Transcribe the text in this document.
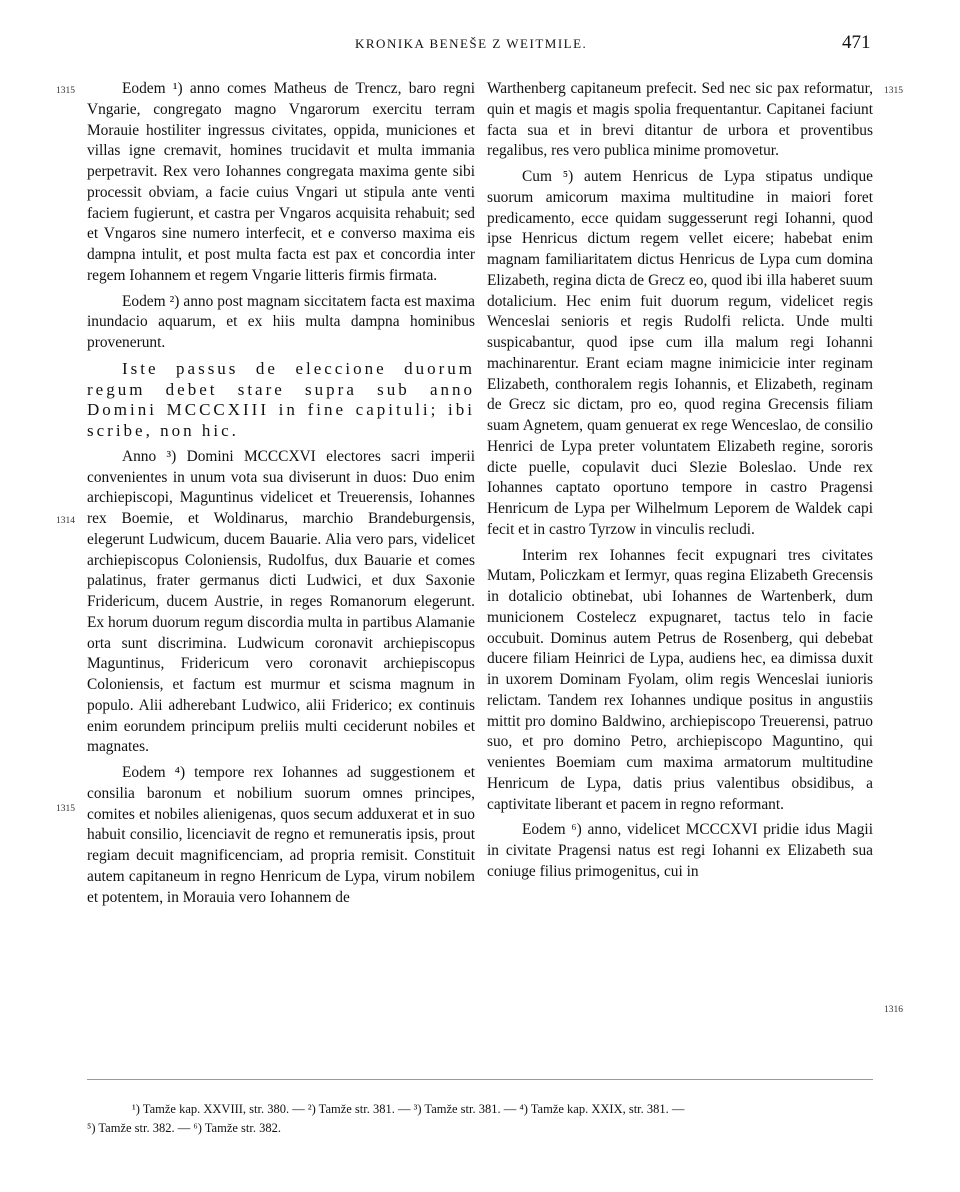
KRONIKA BENEŠE Z WEITMILE.	471
1315
1314
1315
1315
1316

Eodem ¹) anno comes Matheus de Trencz, baro regni Vngarie, congregato magno Vngarorum exercitu terram Morauie hostiliter ingressus civitates, oppida, municiones et villas igne cremavit, homines trucidavit et multa immania perpetravit. Rex vero Iohannes congregata maxima gente sibi processit obviam, a facie cuius Vngari ut stipula ante venti faciem fugierunt, et castra per Vngaros acquisita rehabuit; sed et Vngaros sine numero interfecit, et e converso maxima eis dampna intulit, et post multa facta est pax et concordia inter regem Iohannem et regem Vngarie litteris firmis firmata.

Eodem ²) anno post magnam siccitatem facta est maxima inundacio aquarum, et ex hiis multa dampna hominibus provenerunt.

Iste passus de eleccione duorum regum debet stare supra sub anno Domini MCCCXIII in fine capituli; ibi scribe, non hic.

Anno ³) Domini MCCCXVI electores sacri imperii convenientes in unum vota sua diviserunt in duos: Duo enim archiepiscopi, Maguntinus videlicet et Treuerensis, Iohannes rex Boemie, et Woldinarus, marchio Brandeburgensis, elegerunt Ludwicum, ducem Bauarie. Alia vero pars, videlicet archiepiscopus Coloniensis, Rudolfus, dux Bauarie et comes palatinus, frater germanus dicti Ludwici, et dux Saxonie Fridericum, ducem Austrie, in reges Romanorum elegerunt. Ex horum duorum regum discordia multa in partibus Alamanie orta sunt discrimina. Ludwicum coronavit archiepiscopus Maguntinus, Fridericum vero coronavit archiepiscopus Coloniensis, et factum est murmur et scisma magnum in populo. Alii adherebant Ludwico, alii Friderico; ex continuis enim eorundem principum preliis multi ceciderunt nobiles et magnates.

Eodem ⁴) tempore rex Iohannes ad suggestionem et consilia baronum et nobilium suorum omnes principes, comites et nobiles alienigenas, quos secum adduxerat et in suo habuit consilio, licenciavit de regno et remuneratis ipsis, prout regiam decuit magnificenciam, ad propria remisit. Constituit autem capitaneum in regno Henricum de Lypa, virum nobilem et potentem, in Morauia vero Iohannem de

Warthenberg capitaneum prefecit. Sed nec sic pax reformatur, quin et magis et magis spolia frequentantur. Capitanei faciunt facta sua et in brevi ditantur de urbora et proventibus regalibus, res vero publica minime promovetur.

Cum ⁵) autem Henricus de Lypa stipatus undique suorum amicorum maxima multitudine in maiori foret predicamento, ecce quidam suggesserunt regi Iohanni, quod ipse Henricus dictum regem vellet eicere; habebat enim magnam familiaritatem dictus Henricus de Lypa cum domina Elizabeth, regina dicta de Grecz eo, quod ibi illa haberet suum dotalicium. Hec enim fuit duorum regum, videlicet regis Wenceslai senioris et regis Rudolfi relicta. Unde multi suspicabantur, quod ipse cum illa malum regi Iohanni machinarentur. Erant eciam magne inimicicie inter reginam Elizabeth, conthoralem regis Iohannis, et Elizabeth, reginam de Grecz sic dictam, pro eo, quod regina Grecensis filiam suam Agnetem, quam genuerat ex rege Wenceslao, de consilio Henrici de Lypa preter voluntatem Elizabeth regine, sororis dicte puelle, copulavit duci Slezie Boleslao. Unde rex Iohannes captato oportuno tempore in castro Pragensi Henricum de Lypa per Wilhelmum Leporem de Waldek capi fecit et in castro Tyrzow in vinculis recludi.

Interim rex Iohannes fecit expugnari tres civitates Mutam, Policzkam et Iermyr, quas regina Elizabeth Grecensis in dotalicio obtinebat, ubi Iohannes de Wartenberk, dum municionem Costelecz expugnaret, tactus telo in facie occubuit. Dominus autem Petrus de Rosenberg, qui debebat ducere filiam Heinrici de Lypa, audiens hec, ea dimissa duxit in uxorem Dominam Fyolam, olim regis Wenceslai iunioris relictam. Tandem rex Iohannes undique positus in angustiis mittit pro domino Baldwino, archiepiscopo Treuerensi, patruo suo, et pro domino Petro, archiepiscopo Maguntino, qui venientes Boemiam cum maxima armatorum multitudine Henricum de Lypa, datis prius valentibus obsidibus, a captivitate liberant et pacem in regno reformant.

Eodem ⁶) anno, videlicet MCCCXVI pridie idus Magii in civitate Pragensi natus est regi Iohanni ex Elizabeth sua coniuge filius primogenitus, cui in

¹) Tamže kap. XXVIII, str. 380. — ²) Tamže str. 381. — ³) Tamže str. 381. — ⁴) Tamže kap. XXIX, str. 381. —
⁵) Tamže str. 382. — ⁶) Tamže str. 382.
